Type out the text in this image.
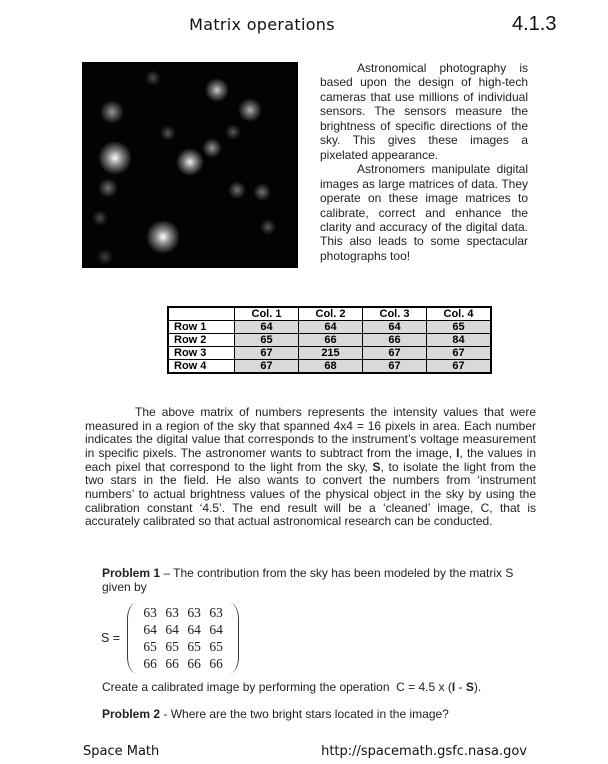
Matrix operations	4.1.3

Astronomical photography is based upon the design of high-tech cameras that use millions of individual sensors. The sensors measure the brightness of specific directions of the sky. This gives these images a pixelated appearance.

Astronomers manipulate digital images as large matrices of data. They operate on these image matrices to calibrate, correct and enhance the clarity and accuracy of the digital data. This also leads to some spectacular photographs too!

	Col. 1	Col. 2	Col. 3	Col. 4
Row 1	64	64	64	65
Row 2	65	66	66	84
Row 3	67	215	67	67
Row 4	67	68	67	67

The above matrix of numbers represents the intensity values that were measured in a region of the sky that spanned 4x4 = 16 pixels in area. Each number indicates the digital value that corresponds to the instrument’s voltage measurement in specific pixels. The astronomer wants to subtract from the image, I, the values in each pixel that correspond to the light from the sky, S, to isolate the light from the two stars in the field. He also wants to convert the numbers from ‘instrument numbers’ to actual brightness values of the physical object in the sky by using the calibration constant ‘4.5’. The end result will be a ‘cleaned’ image, C, that is accurately calibrated so that actual astronomical research can be conducted.

Problem 1 – The contribution from the sky has been modeled by the matrix S given by
S =
63 63 63 63
64 64 64 64
65 65 65 65
66 66 66 66

Create a calibrated image by performing the operation  C = 4.5 x (I - S).

Problem 2 - Where are the two bright stars located in the image?
Space Math	http://spacemath.gsfc.nasa.gov
